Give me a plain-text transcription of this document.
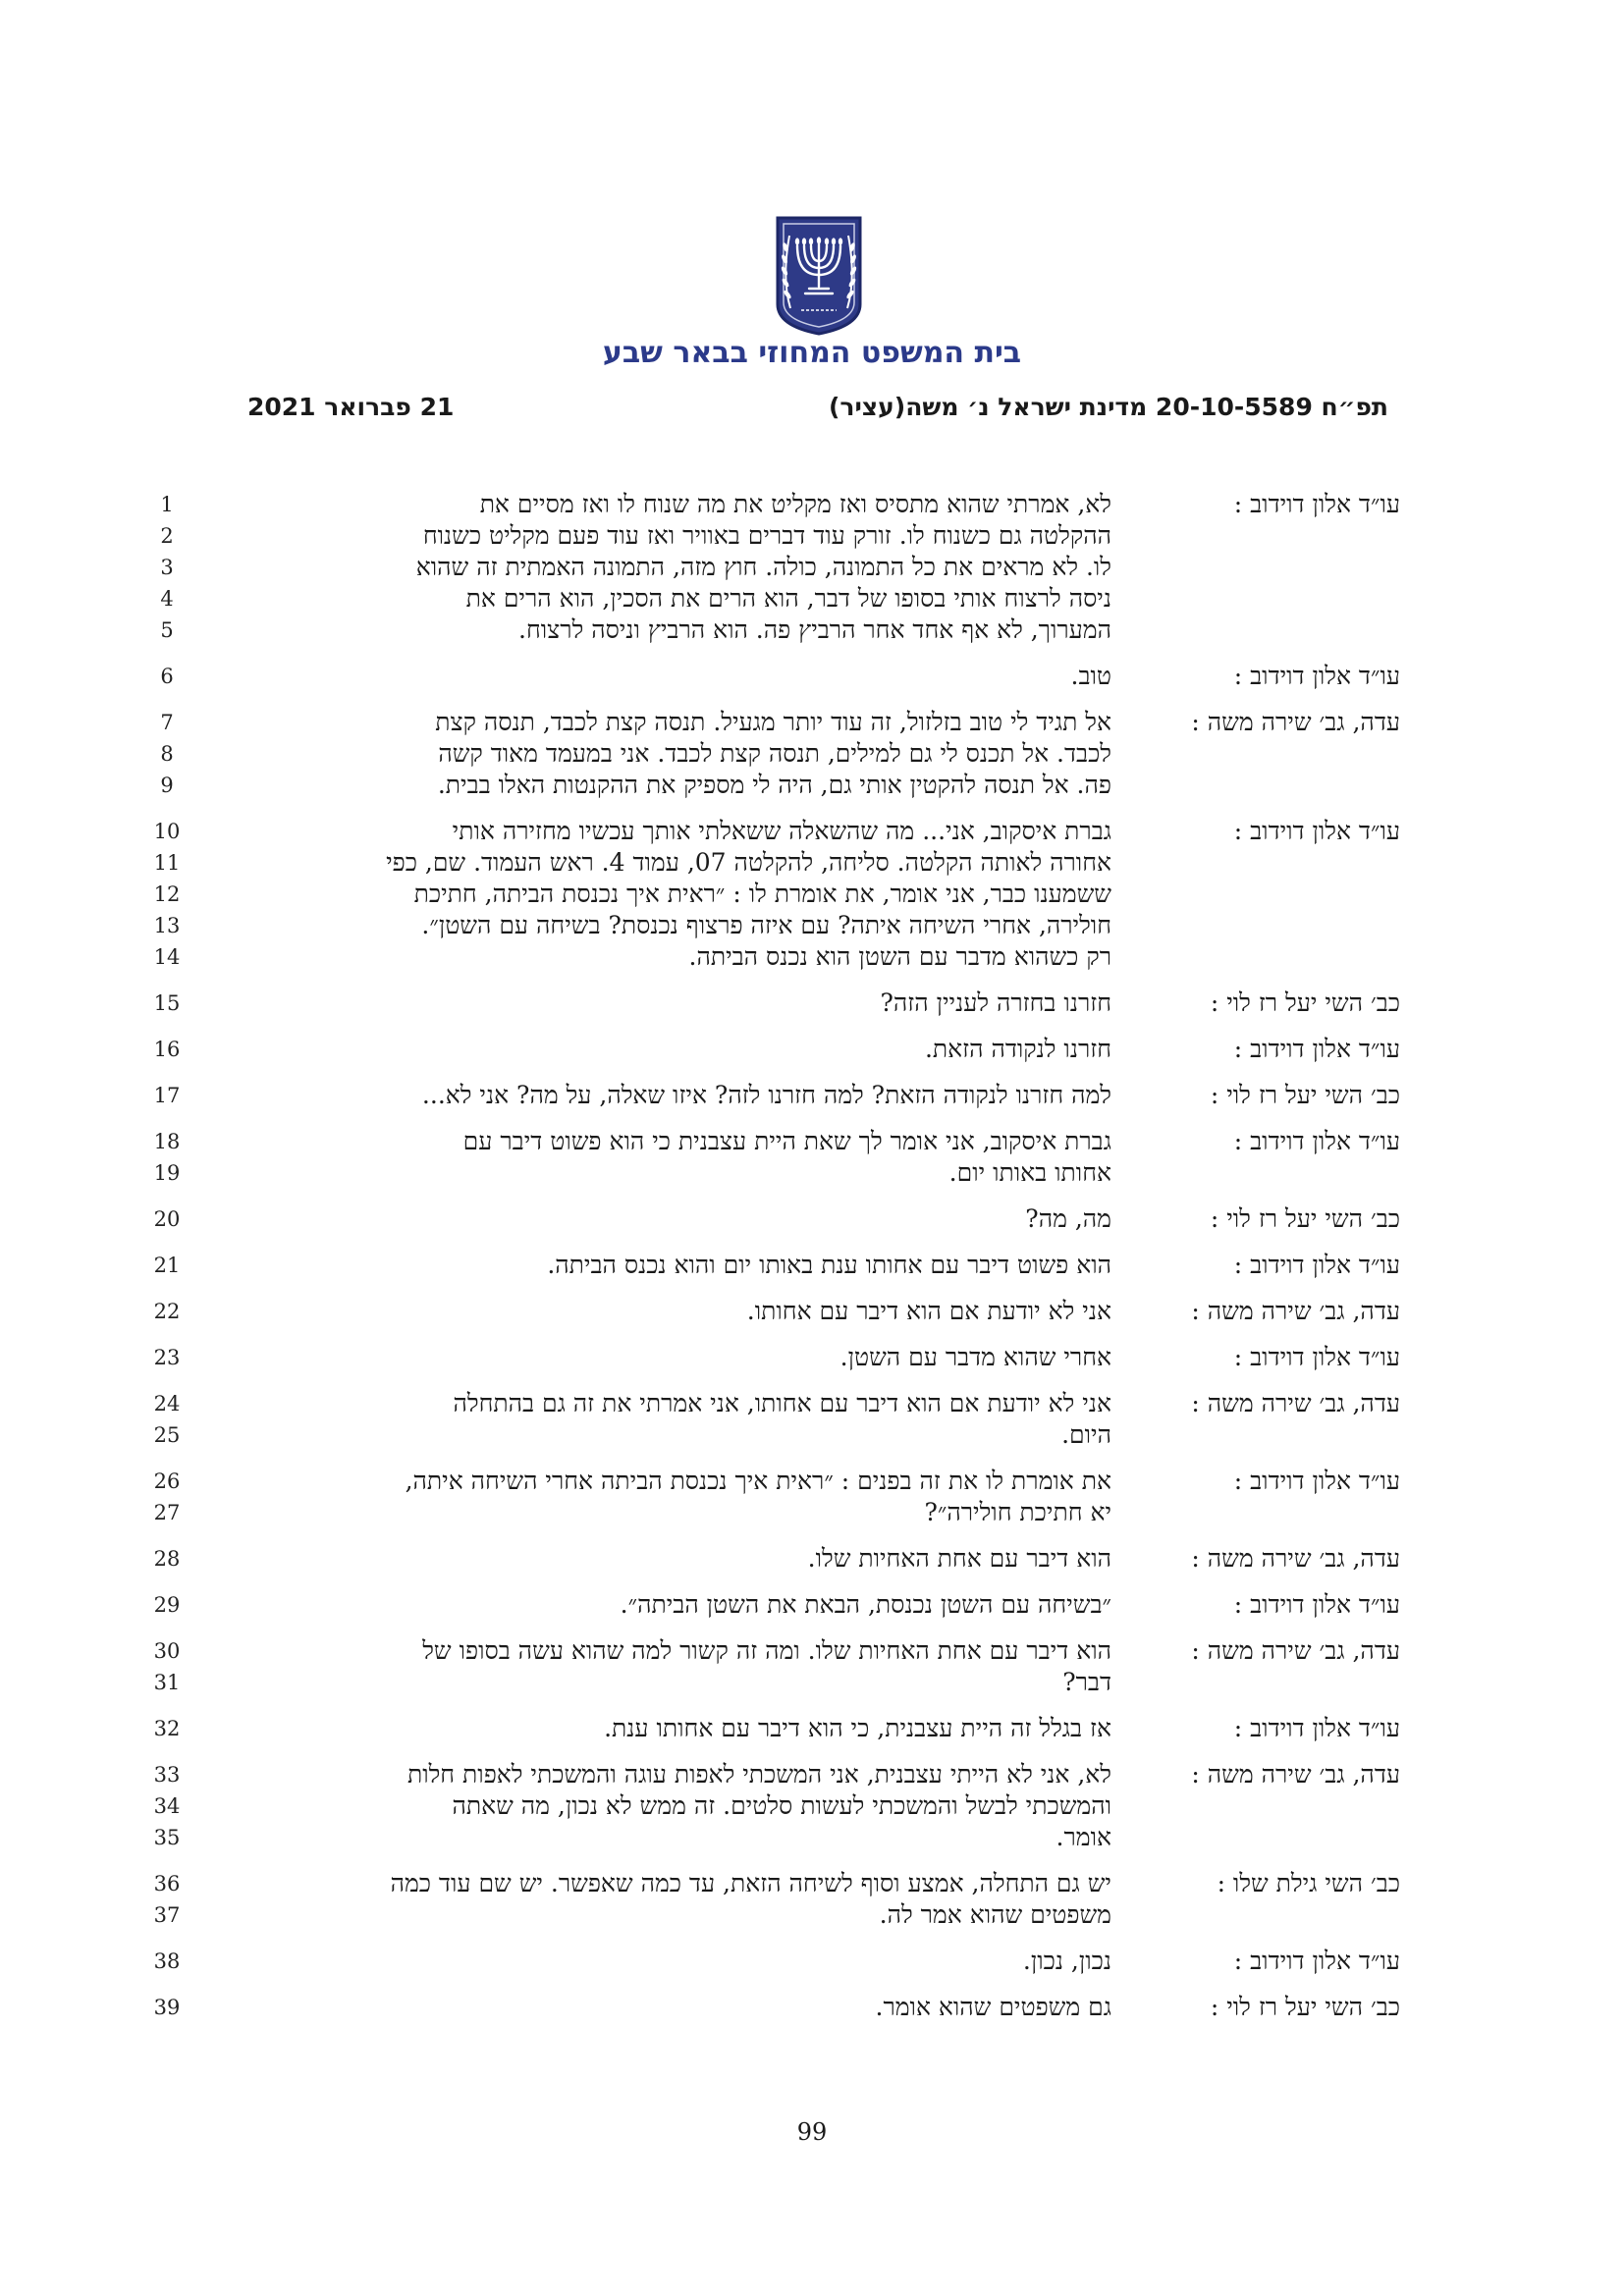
בית המשפט המחוזי בבאר שבע
תפ״ח 20-10-5589 מדינת ישראל נ׳ משה(עציר)
21 פברואר 2021
עו״ד אלון דוידוב :
לא, אמרתי שהוא מתסיס ואז מקליט את מה שנוח לו ואז מסיים את
ההקלטה גם כשנוח לו. זורק עוד דברים באוויר ואז עוד פעם מקליט כשנוח
לו. לא מראים את כל התמונה, כולה. חוץ מזה, התמונה האמתית זה שהוא
ניסה לרצוח אותי בסופו של דבר, הוא הרים את הסכין, הוא הרים את
המערוך, לא אף אחד אחר הרביץ פה. הוא הרביץ וניסה לרצוח.
1
2
3
4
5
עו״ד אלון דוידוב :
טוב.
6
עדה, גב׳ שירה משה :
אל תגיד לי טוב בזלזול, זה עוד יותר מגעיל. תנסה קצת לכבד, תנסה קצת
לכבד. אל תכנס לי גם למילים, תנסה קצת לכבד. אני במעמד מאוד קשה
פה. אל תנסה להקטין אותי גם, היה לי מספיק את ההקנטות האלו בבית.
7
8
9
עו״ד אלון דוידוב :
גברת איסקוב, אני... מה שהשאלה ששאלתי אותך עכשיו מחזירה אותי
אחורה לאותה הקלטה. סליחה, להקלטה 07, עמוד 4. ראש העמוד. שם, כפי
ששמענו כבר, אני אומר, את אומרת לו : ״ראית איך נכנסת הביתה, חתיכת
חולירה, אחרי השיחה איתה? עם איזה פרצוף נכנסת? בשיחה עם השטן״.
רק כשהוא מדבר עם השטן הוא נכנס הביתה.
10
11
12
13
14
כב׳ השי יעל רז לוי :
חזרנו בחזרה לעניין הזה?
15
עו״ד אלון דוידוב :
חזרנו לנקודה הזאת.
16
כב׳ השי יעל רז לוי :
למה חזרנו לנקודה הזאת? למה חזרנו לזה? איזו שאלה, על מה? אני לא...
17
עו״ד אלון דוידוב :
גברת איסקוב, אני אומר לך שאת היית עצבנית כי הוא פשוט דיבר עם
אחותו באותו יום.
18
19
כב׳ השי יעל רז לוי :
מה, מה?
20
עו״ד אלון דוידוב :
הוא פשוט דיבר עם אחותו ענת באותו יום והוא נכנס הביתה.
21
עדה, גב׳ שירה משה :
אני לא יודעת אם הוא דיבר עם אחותו.
22
עו״ד אלון דוידוב :
אחרי שהוא מדבר עם השטן.
23
עדה, גב׳ שירה משה :
אני לא יודעת אם הוא דיבר עם אחותו, אני אמרתי את זה גם בהתחלה
היום.
24
25
עו״ד אלון דוידוב :
את אומרת לו את זה בפנים : ״ראית איך נכנסת הביתה אחרי השיחה איתה,
יא חתיכת חולירה״?
26
27
עדה, גב׳ שירה משה :
הוא דיבר עם אחת האחיות שלו.
28
עו״ד אלון דוידוב :
״בשיחה עם השטן נכנסת, הבאת את השטן הביתה״.
29
עדה, גב׳ שירה משה :
הוא דיבר עם אחת האחיות שלו. ומה זה קשור למה שהוא עשה בסופו של
דבר?
30
31
עו״ד אלון דוידוב :
אז בגלל זה היית עצבנית, כי הוא דיבר עם אחותו ענת.
32
עדה, גב׳ שירה משה :
לא, אני לא הייתי עצבנית, אני המשכתי לאפות עוגה והמשכתי לאפות חלות
והמשכתי לבשל והמשכתי לעשות סלטים. זה ממש לא נכון, מה שאתה
אומר.
33
34
35
כב׳ השי גילת שלו :
יש גם התחלה, אמצע וסוף לשיחה הזאת, עד כמה שאפשר. יש שם עוד כמה
משפטים שהוא אמר לה.
36
37
עו״ד אלון דוידוב :
נכון, נכון.
38
כב׳ השי יעל רז לוי :
גם משפטים שהוא אומר.
39
99
